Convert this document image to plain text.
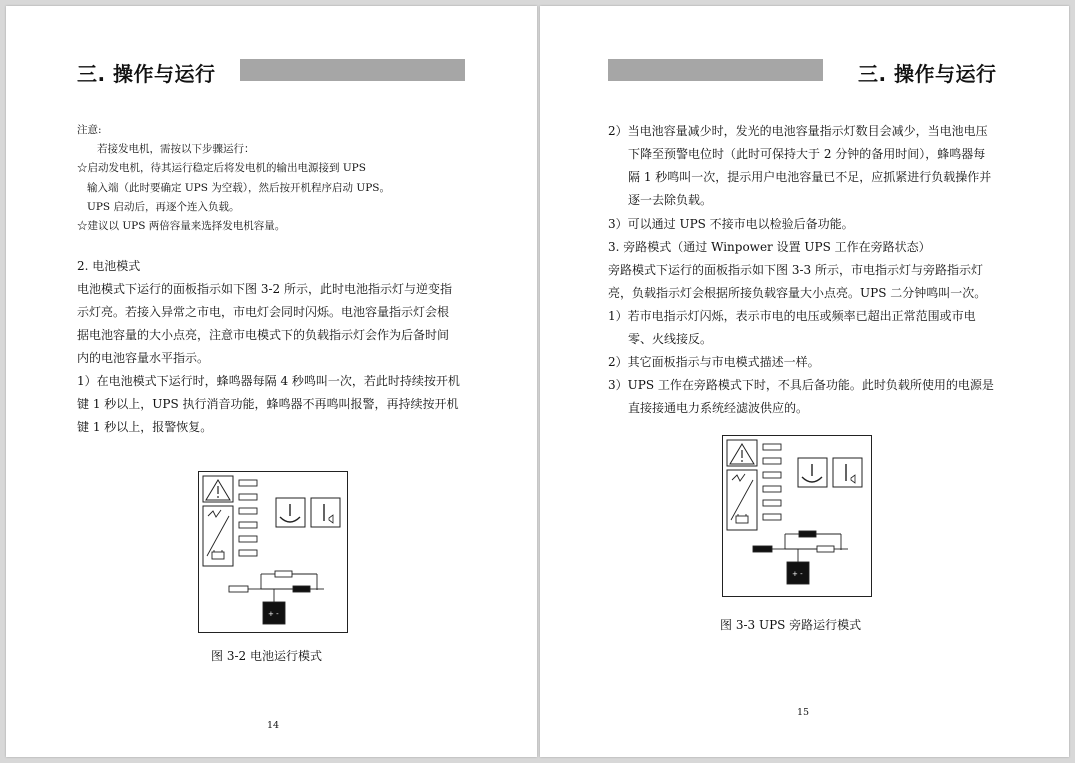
三. 操作与运行
注意:
若接发电机，需按以下步骤运行：
☆启动发电机，待其运行稳定后将发电机的输出电源接到 UPS
输入端（此时要确定 UPS 为空载），然后按开机程序启动 UPS。
UPS 启动后，再逐个连入负载。
☆建议以 UPS 两倍容量来选择发电机容量。
2. 电池模式
电池模式下运行的面板指示如下图 3-2 所示，此时电池指示灯与逆变指
示灯亮。若接入异常之市电，市电灯会同时闪烁。电池容量指示灯会根
据电池容量的大小点亮，注意市电模式下的负载指示灯会作为后备时间
内的电池容量水平指示。
1）在电池模式下运行时，蜂鸣器每隔 4 秒鸣叫一次，若此时持续按开机
键 1 秒以上，UPS 执行消音功能，蜂鸣器不再鸣叫报警，再持续按开机
键 1 秒以上，报警恢复。
+ -
图 3-2 电池运行模式
14
三. 操作与运行
2）当电池容量减少时，发光的电池容量指示灯数目会减少，当电池电压
下降至预警电位时（此时可保持大于 2 分钟的备用时间），蜂鸣器每
隔 1 秒鸣叫一次，提示用户电池容量已不足，应抓紧进行负载操作并
逐一去除负载。
3）可以通过 UPS 不接市电以检验后备功能。
3. 旁路模式（通过 Winpower 设置 UPS 工作在旁路状态）
旁路模式下运行的面板指示如下图 3-3 所示，市电指示灯与旁路指示灯
亮，负载指示灯会根据所接负载容量大小点亮。UPS 二分钟鸣叫一次。
1）若市电指示灯闪烁，表示市电的电压或频率已超出正常范围或市电
零、火线接反。
2）其它面板指示与市电模式描述一样。
3）UPS 工作在旁路模式下时，不具后备功能。此时负载所使用的电源是
直接接通电力系统经滤波供应的。
+ -
图 3-3 UPS 旁路运行模式
15
